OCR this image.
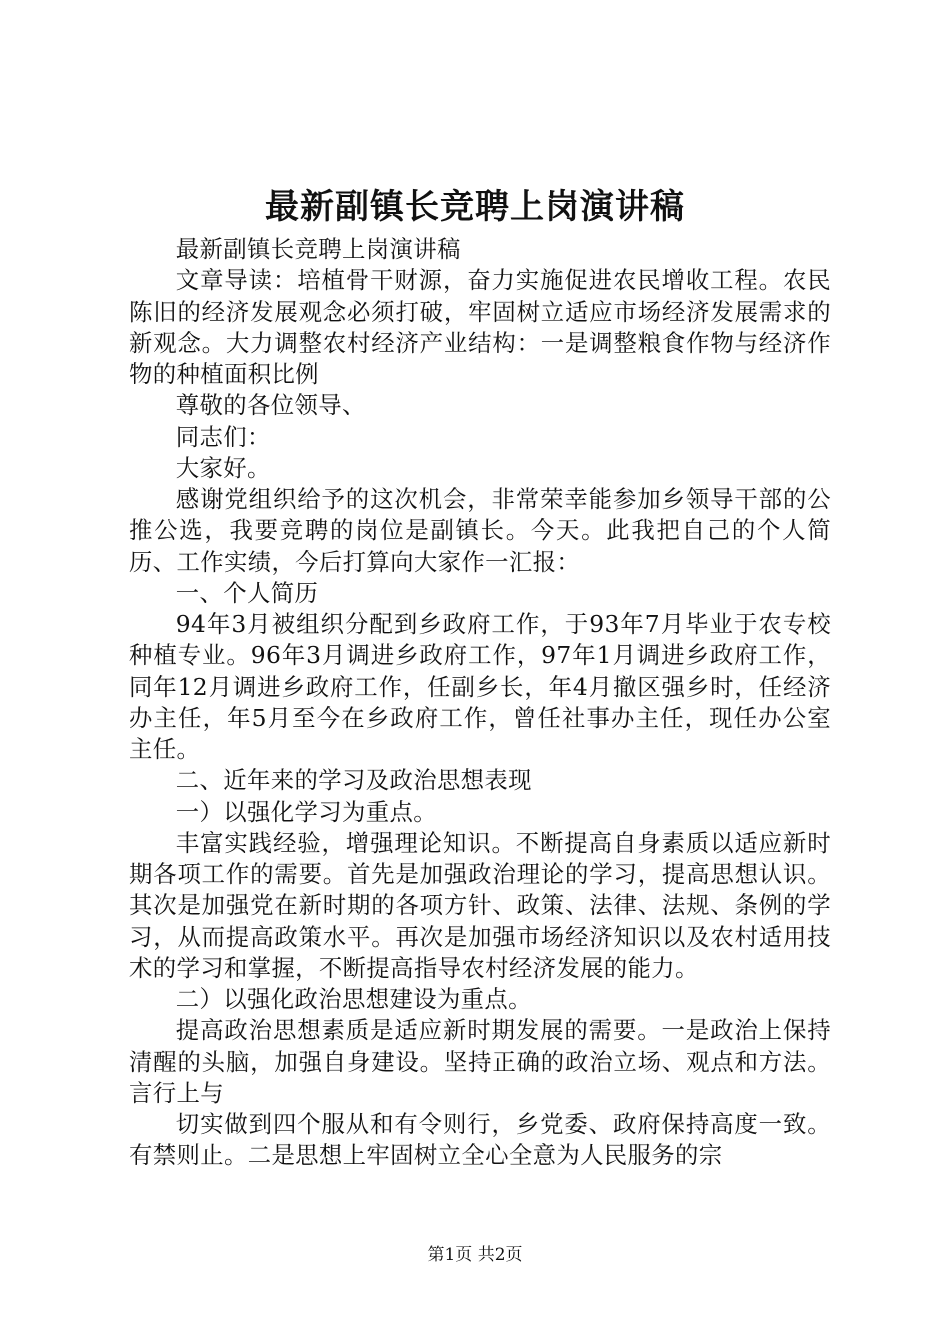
最新副镇长竞聘上岗演讲稿

最新副镇长竞聘上岗演讲稿

文章导读：培植骨干财源，奋力实施促进农民增收工程。农民陈旧的经济发展观念必须打破，牢固树立适应市场经济发展需求的新观念。大力调整农村经济产业结构：一是调整粮食作物与经济作物的种植面积比例

尊敬的各位领导、

同志们：

大家好。

感谢党组织给予的这次机会，非常荣幸能参加乡领导干部的公推公选，我要竞聘的岗位是副镇长。今天。此我把自己的个人简历、工作实绩，今后打算向大家作一汇报：

一、个人简历

94年3月被组织分配到乡政府工作，于93年7月毕业于农专校种植专业。96年3月调进乡政府工作，97年1月调进乡政府工作，同年12月调进乡政府工作，任副乡长，年4月撤区强乡时，任经济办主任，年5月至今在乡政府工作，曾任社事办主任，现任办公室主任。

二、近年来的学习及政治思想表现

一）以强化学习为重点。

丰富实践经验，增强理论知识。不断提高自身素质以适应新时期各项工作的需要。首先是加强政治理论的学习，提高思想认识。其次是加强党在新时期的各项方针、政策、法律、法规、条例的学习，从而提高政策水平。再次是加强市场经济知识以及农村适用技术的学习和掌握，不断提高指导农村经济发展的能力。

二）以强化政治思想建设为重点。

提高政治思想素质是适应新时期发展的需要。一是政治上保持清醒的头脑，加强自身建设。坚持正确的政治立场、观点和方法。言行上与

切实做到四个服从和有令则行，乡党委、政府保持高度一致。有禁则止。二是思想上牢固树立全心全意为人民服务的宗

第1页 共2页
